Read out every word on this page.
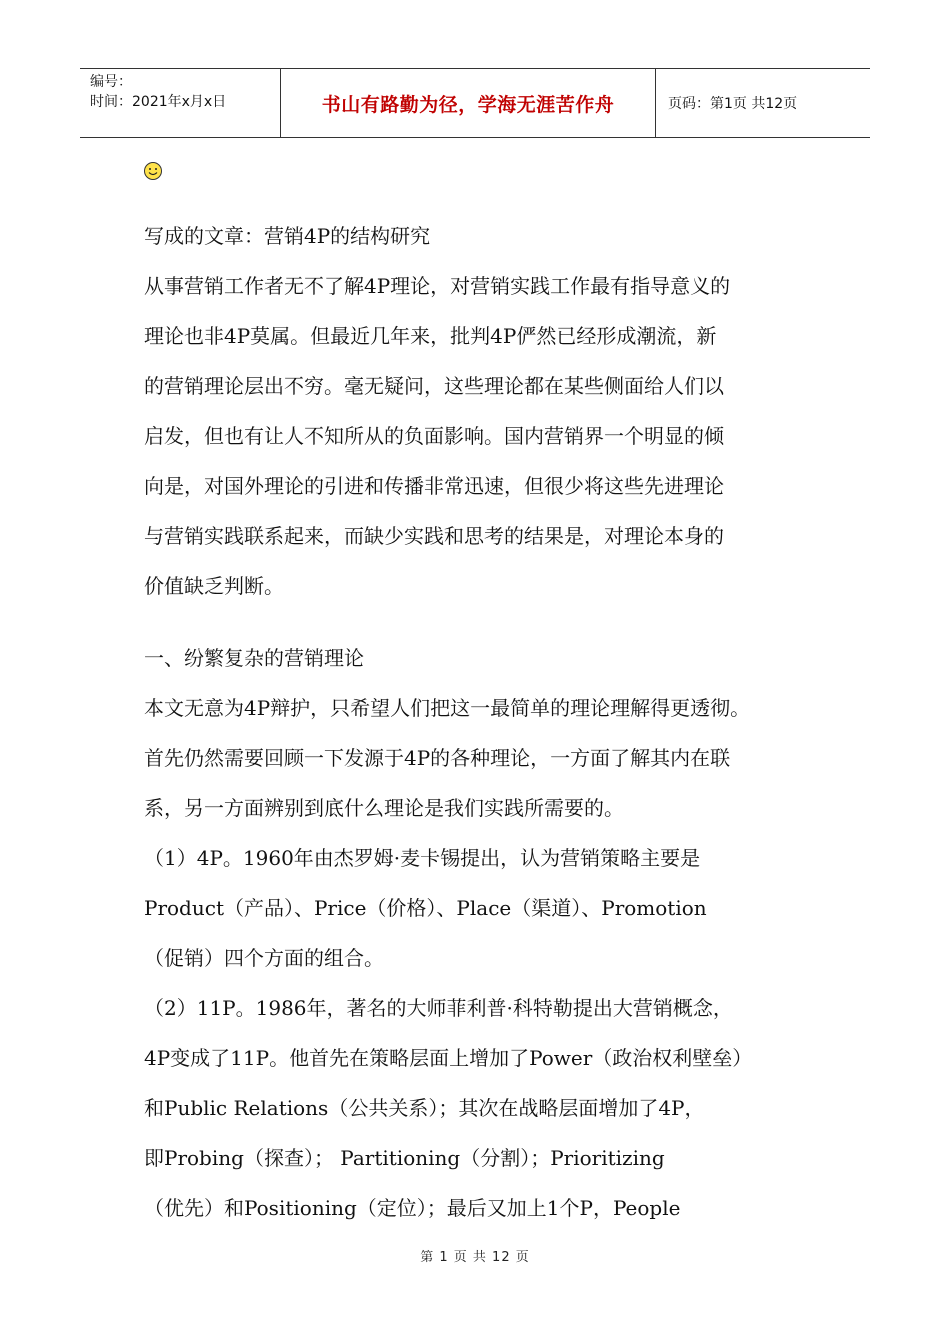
编号：
时间：2021年x月x日	书山有路勤为径，学海无涯苦作舟	页码：第1页 共12页
写成的文章：营销4P的结构研究
从事营销工作者无不了解4P理论，对营销实践工作最有指导意义的
理论也非4P莫属。但最近几年来，批判4P俨然已经形成潮流，新
的营销理论层出不穷。毫无疑问，这些理论都在某些侧面给人们以
启发，但也有让人不知所从的负面影响。国内营销界一个明显的倾
向是，对国外理论的引进和传播非常迅速，但很少将这些先进理论
与营销实践联系起来，而缺少实践和思考的结果是，对理论本身的
价值缺乏判断。
一、纷繁复杂的营销理论
本文无意为4P辩护，只希望人们把这一最简单的理论理解得更透彻。
首先仍然需要回顾一下发源于4P的各种理论，一方面了解其内在联
系，另一方面辨别到底什么理论是我们实践所需要的。
（1）4P。1960年由杰罗姆·麦卡锡提出，认为营销策略主要是
Product（产品）、Price（价格）、Place（渠道）、Promotion
（促销）四个方面的组合。
（2）11P。1986年，著名的大师菲利普·科特勒提出大营销概念，
4P变成了11P。他首先在策略层面上增加了Power（政治权利壁垒）
和Public Relations（公共关系）；其次在战略层面增加了4P，
即Probing（探查）； Partitioning（分割）；Prioritizing
（优先）和Positioning（定位）；最后又加上1个P，People
第 1 页 共 12 页
